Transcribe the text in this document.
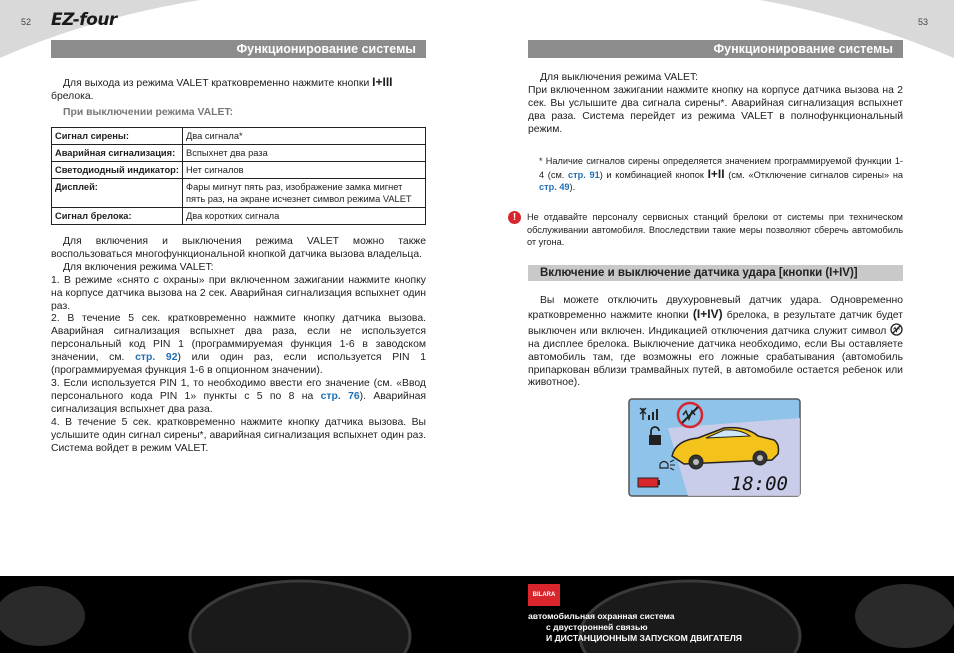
52 EZ-four
Функционирование системы
Для выхода из режима VALET кратковременно нажмите кнопки I+III
брелока.
При выключении режима VALET:
Сигнал сирены:	Два сигнала*
Аварийная сигнализация:	Вспыхнет два раза
Светодиодный индикатор:	Нет сигналов
Дисплей:	Фары мигнут пять раз, изображение замка мигнет пять раз, на экране исчезнет символ режима VALET
Сигнал брелока:	Два коротких сигнала
Для включения и выключения режима VALET можно также воспользоваться многофункциональной кнопкой датчика вызова владельца.
Для включения режима VALET:
1. В режиме «снято с охраны» при включенном зажигании нажмите кнопку на корпусе датчика вызова на 2 сек. Аварийная сигнализация вспыхнет один раз.
2. В течение 5 сек. кратковременно нажмите кнопку датчика вызова. Аварийная сигнализация вспыхнет два раза, если не используется персональный код PIN 1 (программируемая функция 1-6 в заводском значении, см. стр. 92) или один раз, если используется PIN 1 (программируемая функция 1-6 в опционном значении).
3. Если используется PIN 1, то необходимо ввести его значение (см. «Ввод персонального кода PIN 1» пункты с 5 по 8 на стр. 76). Аварийная сигнализация вспыхнет два раза.
4. В течение 5 сек. кратковременно нажмите кнопку датчика вызова. Вы услышите один сигнал сирены*, аварийная сигнализация вспыхнет один раз. Система войдет в режим VALET.
53
Функционирование системы
Для выключения режима VALET:
При включенном зажигании нажмите кнопку на корпусе датчика вызова на 2 сек. Вы услышите два сигнала сирены*. Аварийная сигнализация вспыхнет два раза. Система перейдет из режима VALET в полнофункциональный режим.
* Наличие сигналов сирены определяется значением программируемой функции 1-4 (см. стр. 91) и комбинацией кнопок I+II (см. «Отключение сигналов сирены» на стр. 49).
!	Не отдавайте персоналу сервисных станций брелоки от системы при техническом обслуживании автомобиля. Впоследствии такие меры позволяют сберечь автомобиль от угона.
Включение и выключение датчика удара [кнопки (I+IV)]
Вы можете отключить двухуровневый датчик удара. Одновременно кратковременно нажмите кнопки (I+IV) брелока, в результате датчик будет выключен или включен. Индикацией отключения датчика служит символ  на дисплее брелока. Выключение датчика необходимо, если Вы оставляете автомобиль там, где возможны его ложные срабатывания (автомобиль припаркован вблизи трамвайных путей, в автомобиле остается ребенок или животное).
18:00
BILARA
автомобильная охранная система
с двусторонней связью
И ДИСТАНЦИОННЫМ ЗАПУСКОМ ДВИГАТЕЛЯ
